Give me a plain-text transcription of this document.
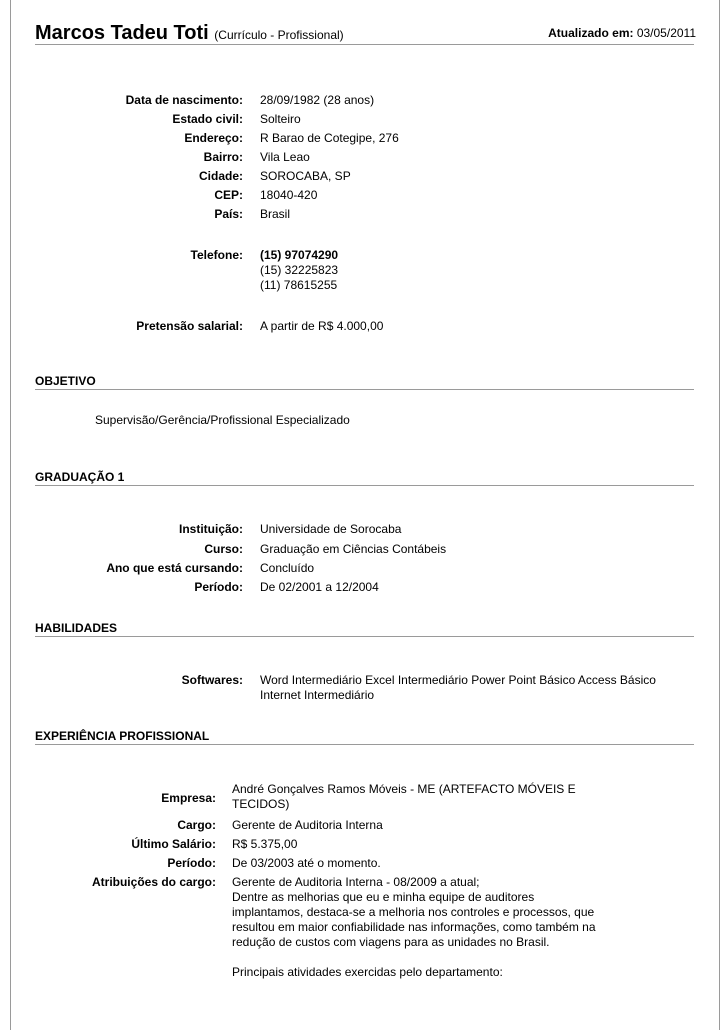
Marcos Tadeu Toti (Currículo - Profissional)	Atualizado em: 03/05/2011
Data de nascimento: 28/09/1982 (28 anos)
Estado civil: Solteiro
Endereço: R Barao de Cotegipe, 276
Bairro: Vila Leao
Cidade: SOROCABA, SP
CEP: 18040-420
País: Brasil
Telefone: (15) 97074290
(15) 32225823
(11) 78615255
Pretensão salarial: A partir de R$ 4.000,00
OBJETIVO
Supervisão/Gerência/Profissional Especializado
GRADUAÇÃO 1
Instituição: Universidade de Sorocaba
Curso: Graduação em Ciências Contábeis
Ano que está cursando: Concluído
Período: De 02/2001 a 12/2004
HABILIDADES
Softwares: Word Intermediário Excel Intermediário Power Point Básico Access Básico Internet Intermediário
EXPERIÊNCIA PROFISSIONAL
Empresa:
André Gonçalves Ramos Móveis - ME (ARTEFACTO MÓVEIS E TECIDOS)
Cargo: Gerente de Auditoria Interna
Último Salário: R$ 5.375,00
Período: De 03/2003 até o momento.
Atribuições do cargo: Gerente de Auditoria Interna - 08/2009 a atual;
Dentre as melhorias que eu e minha equipe de auditores implantamos, destaca-se a melhoria nos controles e processos, que resultou em maior confiabilidade nas informações, como também na redução de custos com viagens para as unidades no Brasil.
Principais atividades exercidas pelo departamento:
